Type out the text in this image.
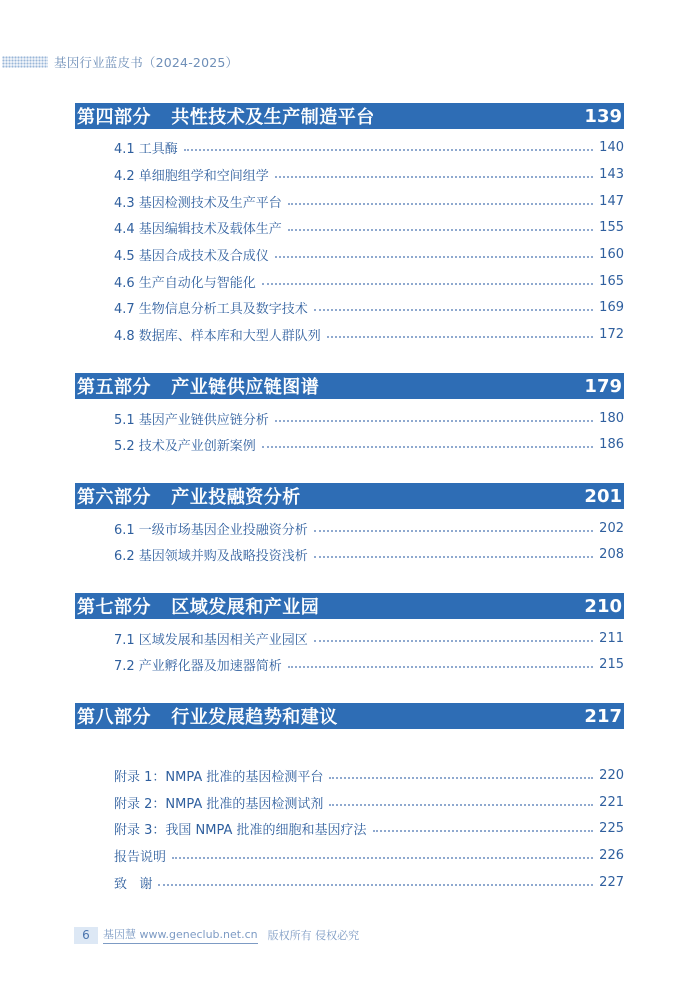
基因行业蓝皮书（2024-2025）
第四部分   共性技术及生产制造平台	139
4.1 工具酶	140
4.2 单细胞组学和空间组学	143
4.3 基因检测技术及生产平台	147
4.4 基因编辑技术及载体生产	155
4.5 基因合成技术及合成仪	160
4.6 生产自动化与智能化	165
4.7 生物信息分析工具及数字技术	169
4.8 数据库、样本库和大型人群队列	172
第五部分   产业链供应链图谱	179
5.1 基因产业链供应链分析	180
5.2 技术及产业创新案例	186
第六部分   产业投融资分析	201
6.1 一级市场基因企业投融资分析	202
6.2 基因领域并购及战略投资浅析	208
第七部分   区域发展和产业园	210
7.1 区域发展和基因相关产业园区	211
7.2 产业孵化器及加速器简析	215
第八部分   行业发展趋势和建议	217
附录 1：NMPA 批准的基因检测平台	220
附录 2：NMPA 批准的基因检测试剂	221
附录 3：我国 NMPA 批准的细胞和基因疗法	225
报告说明	226
致   谢	227
6	基因慧 www.geneclub.net.cn 版权所有 侵权必究
